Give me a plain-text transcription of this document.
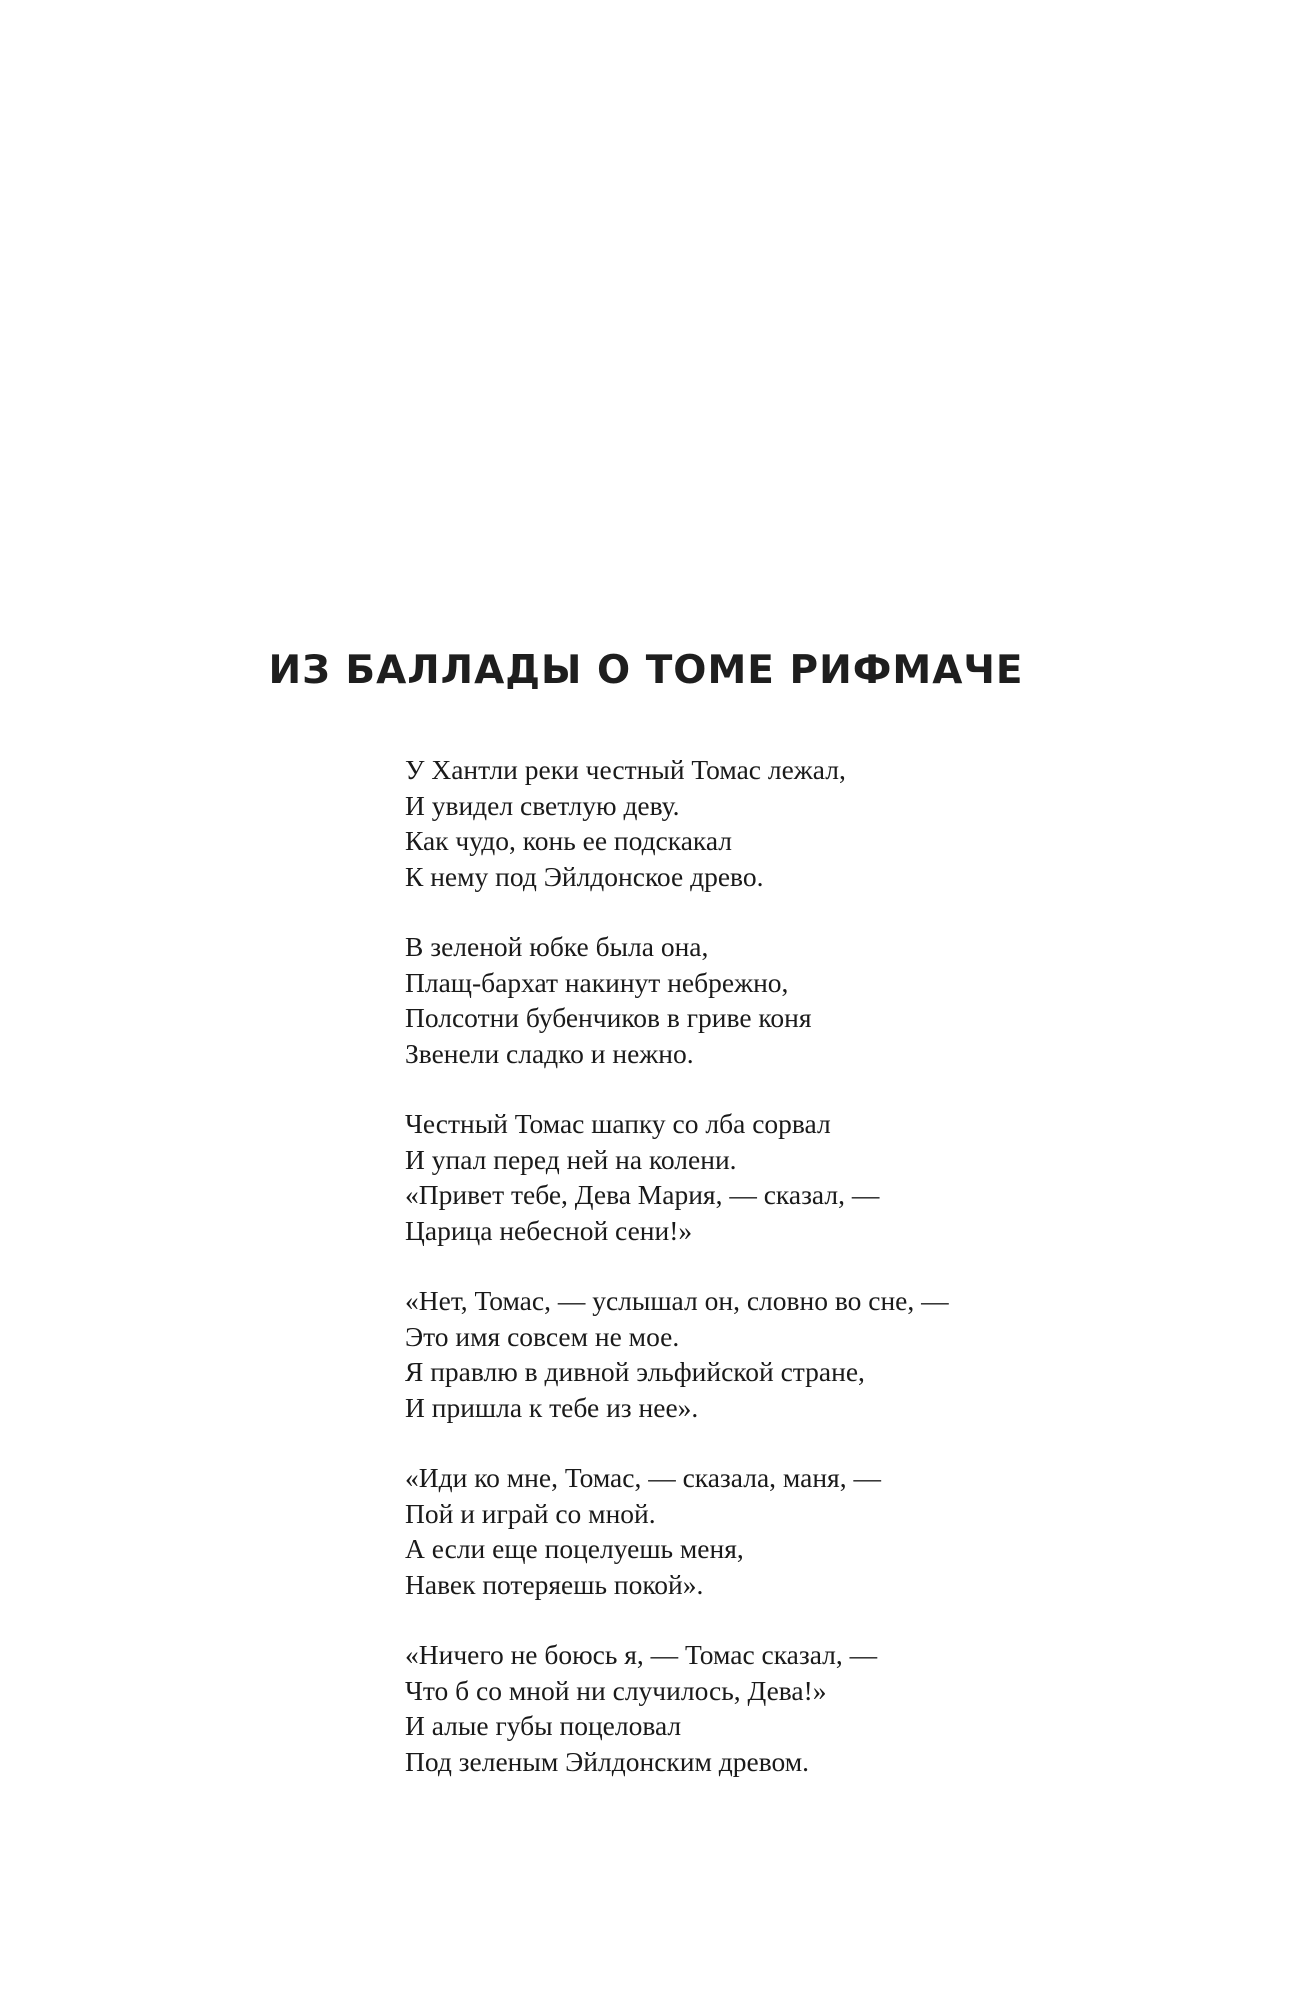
ИЗ БАЛЛАДЫ О ТОМЕ РИФМАЧЕ
У Хантли реки честный Томас лежал,
И увидел светлую деву.
Как чудо, конь ее подскакал
К нему под Эйлдонское древо.
В зеленой юбке была она,
Плащ-бархат накинут небрежно,
Полсотни бубенчиков в гриве коня
Звенели сладко и нежно.
Честный Томас шапку со лба сорвал
И упал перед ней на колени.
«Привет тебе, Дева Мария, — сказал, —
Царица небесной сени!»
«Нет, Томас, — услышал он, словно во сне, —
Это имя совсем не мое.
Я правлю в дивной эльфийской стране,
И пришла к тебе из нее».
«Иди ко мне, Томас, — сказала, маня, —
Пой и играй со мной.
А если еще поцелуешь меня,
Навек потеряешь покой».
«Ничего не боюсь я, — Томас сказал, —
Что б со мной ни случилось, Дева!»
И алые губы поцеловал
Под зеленым Эйлдонским древом.
